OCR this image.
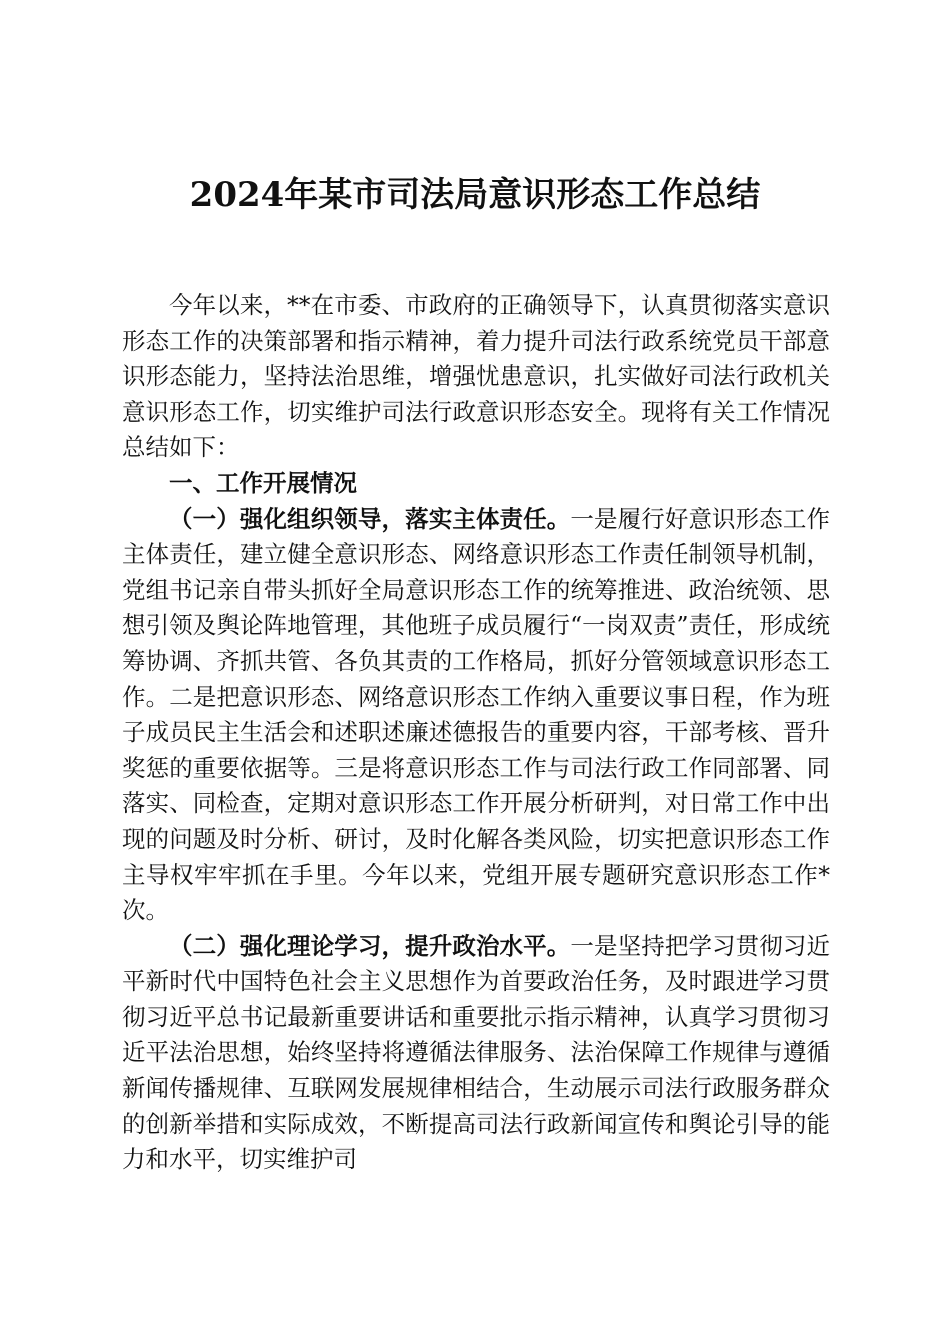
2024年某市司法局意识形态工作总结

今年以来，**在市委、市政府的正确领导下，认真贯彻落实意识形态工作的决策部署和指示精神，着力提升司法行政系统党员干部意识形态能力，坚持法治思维，增强忧患意识，扎实做好司法行政机关意识形态工作，切实维护司法行政意识形态安全。现将有关工作情况总结如下：

一、工作开展情况

（一）强化组织领导，落实主体责任。一是履行好意识形态工作主体责任，建立健全意识形态、网络意识形态工作责任制领导机制，党组书记亲自带头抓好全局意识形态工作的统筹推进、政治统领、思想引领及舆论阵地管理，其他班子成员履行“一岗双责”责任，形成统筹协调、齐抓共管、各负其责的工作格局，抓好分管领域意识形态工作。二是把意识形态、网络意识形态工作纳入重要议事日程，作为班子成员民主生活会和述职述廉述德报告的重要内容，干部考核、晋升奖惩的重要依据等。三是将意识形态工作与司法行政工作同部署、同落实、同检查，定期对意识形态工作开展分析研判，对日常工作中出现的问题及时分析、研讨，及时化解各类风险，切实把意识形态工作主导权牢牢抓在手里。今年以来，党组开展专题研究意识形态工作*次。

（二）强化理论学习，提升政治水平。一是坚持把学习贯彻习近平新时代中国特色社会主义思想作为首要政治任务，及时跟进学习贯彻习近平总书记最新重要讲话和重要批示指示精神，认真学习贯彻习近平法治思想，始终坚持将遵循法律服务、法治保障工作规律与遵循新闻传播规律、互联网发展规律相结合，生动展示司法行政服务群众的创新举措和实际成效，不断提高司法行政新闻宣传和舆论引导的能力和水平，切实维护司
